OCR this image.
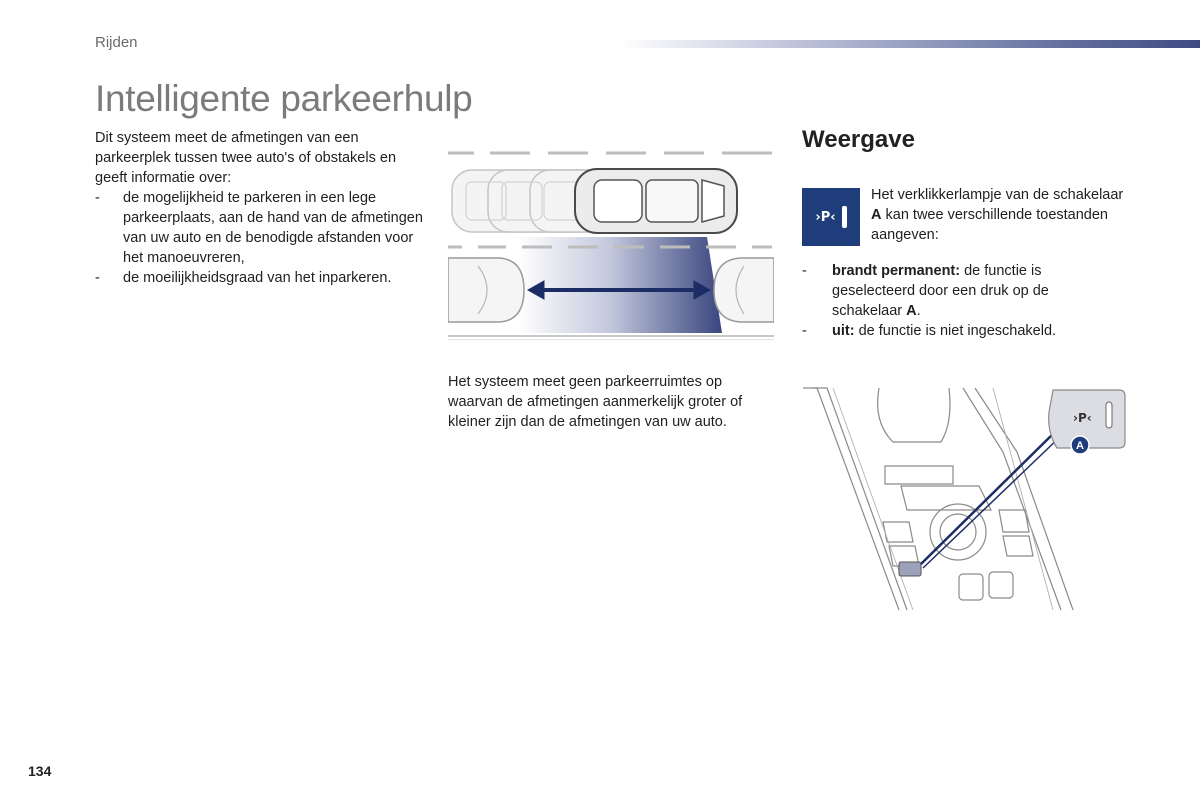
Rijden
Intelligente parkeerhulp
Dit systeem meet de afmetingen van een parkeerplek tussen twee auto's of obstakels en geeft informatie over:
- de mogelijkheid te parkeren in een lege parkeerplaats, aan de hand van de afmetingen van uw auto en de benodigde afstanden voor het manoeuvreren,
- de moeilijkheidsgraad van het inparkeren.
Het systeem meet geen parkeerruimtes op waarvan de afmetingen aanmerkelijk groter of kleiner zijn dan de afmetingen van uw auto.
Weergave
›P‹
Het verklikkerlampje van de schakelaar A kan twee verschillende toestanden aangeven:
- brandt permanent: de functie is geselecteerd door een druk op de schakelaar A.
- uit: de functie is niet ingeschakeld.
›P‹
A
134
